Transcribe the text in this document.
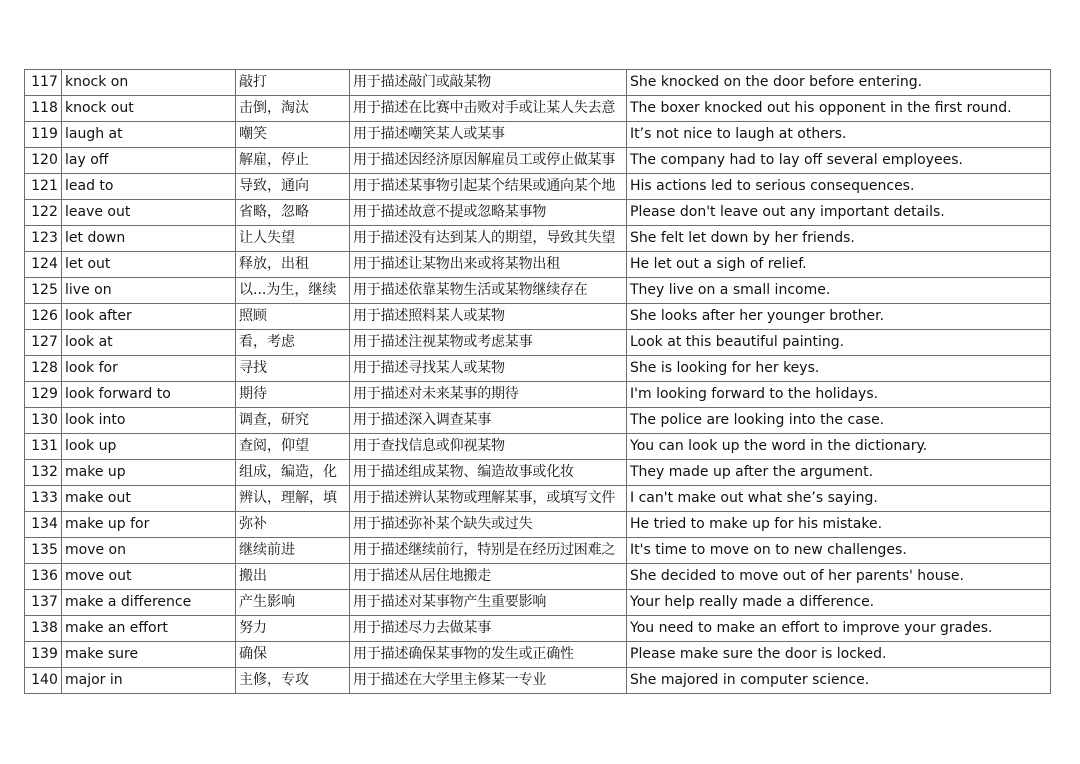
117	knock on	敲打	用于描述敲门或敲某物	She knocked on the door before entering.
118	knock out	击倒，淘汰	用于描述在比赛中击败对手或让某人失去意	The boxer knocked out his opponent in the first round.
119	laugh at	嘲笑	用于描述嘲笑某人或某事	It’s not nice to laugh at others.
120	lay off	解雇，停止	用于描述因经济原因解雇员工或停止做某事	The company had to lay off several employees.
121	lead to	导致，通向	用于描述某事物引起某个结果或通向某个地	His actions led to serious consequences.
122	leave out	省略，忽略	用于描述故意不提或忽略某事物	Please don't leave out any important details.
123	let down	让人失望	用于描述没有达到某人的期望，导致其失望	She felt let down by her friends.
124	let out	释放，出租	用于描述让某物出来或将某物出租	He let out a sigh of relief.
125	live on	以...为生，继续	用于描述依靠某物生活或某物继续存在	They live on a small income.
126	look after	照顾	用于描述照料某人或某物	She looks after her younger brother.
127	look at	看，考虑	用于描述注视某物或考虑某事	Look at this beautiful painting.
128	look for	寻找	用于描述寻找某人或某物	She is looking for her keys.
129	look forward to	期待	用于描述对未来某事的期待	I'm looking forward to the holidays.
130	look into	调查，研究	用于描述深入调查某事	The police are looking into the case.
131	look up	查阅，仰望	用于查找信息或仰视某物	You can look up the word in the dictionary.
132	make up	组成，编造，化	用于描述组成某物、编造故事或化妆	They made up after the argument.
133	make out	辨认，理解，填	用于描述辨认某物或理解某事，或填写文件	I can't make out what she’s saying.
134	make up for	弥补	用于描述弥补某个缺失或过失	He tried to make up for his mistake.
135	move on	继续前进	用于描述继续前行，特别是在经历过困难之	It's time to move on to new challenges.
136	move out	搬出	用于描述从居住地搬走	She decided to move out of her parents' house.
137	make a difference	产生影响	用于描述对某事物产生重要影响	Your help really made a difference.
138	make an effort	努力	用于描述尽力去做某事	You need to make an effort to improve your grades.
139	make sure	确保	用于描述确保某事物的发生或正确性	Please make sure the door is locked.
140	major in	主修，专攻	用于描述在大学里主修某一专业	She majored in computer science.
